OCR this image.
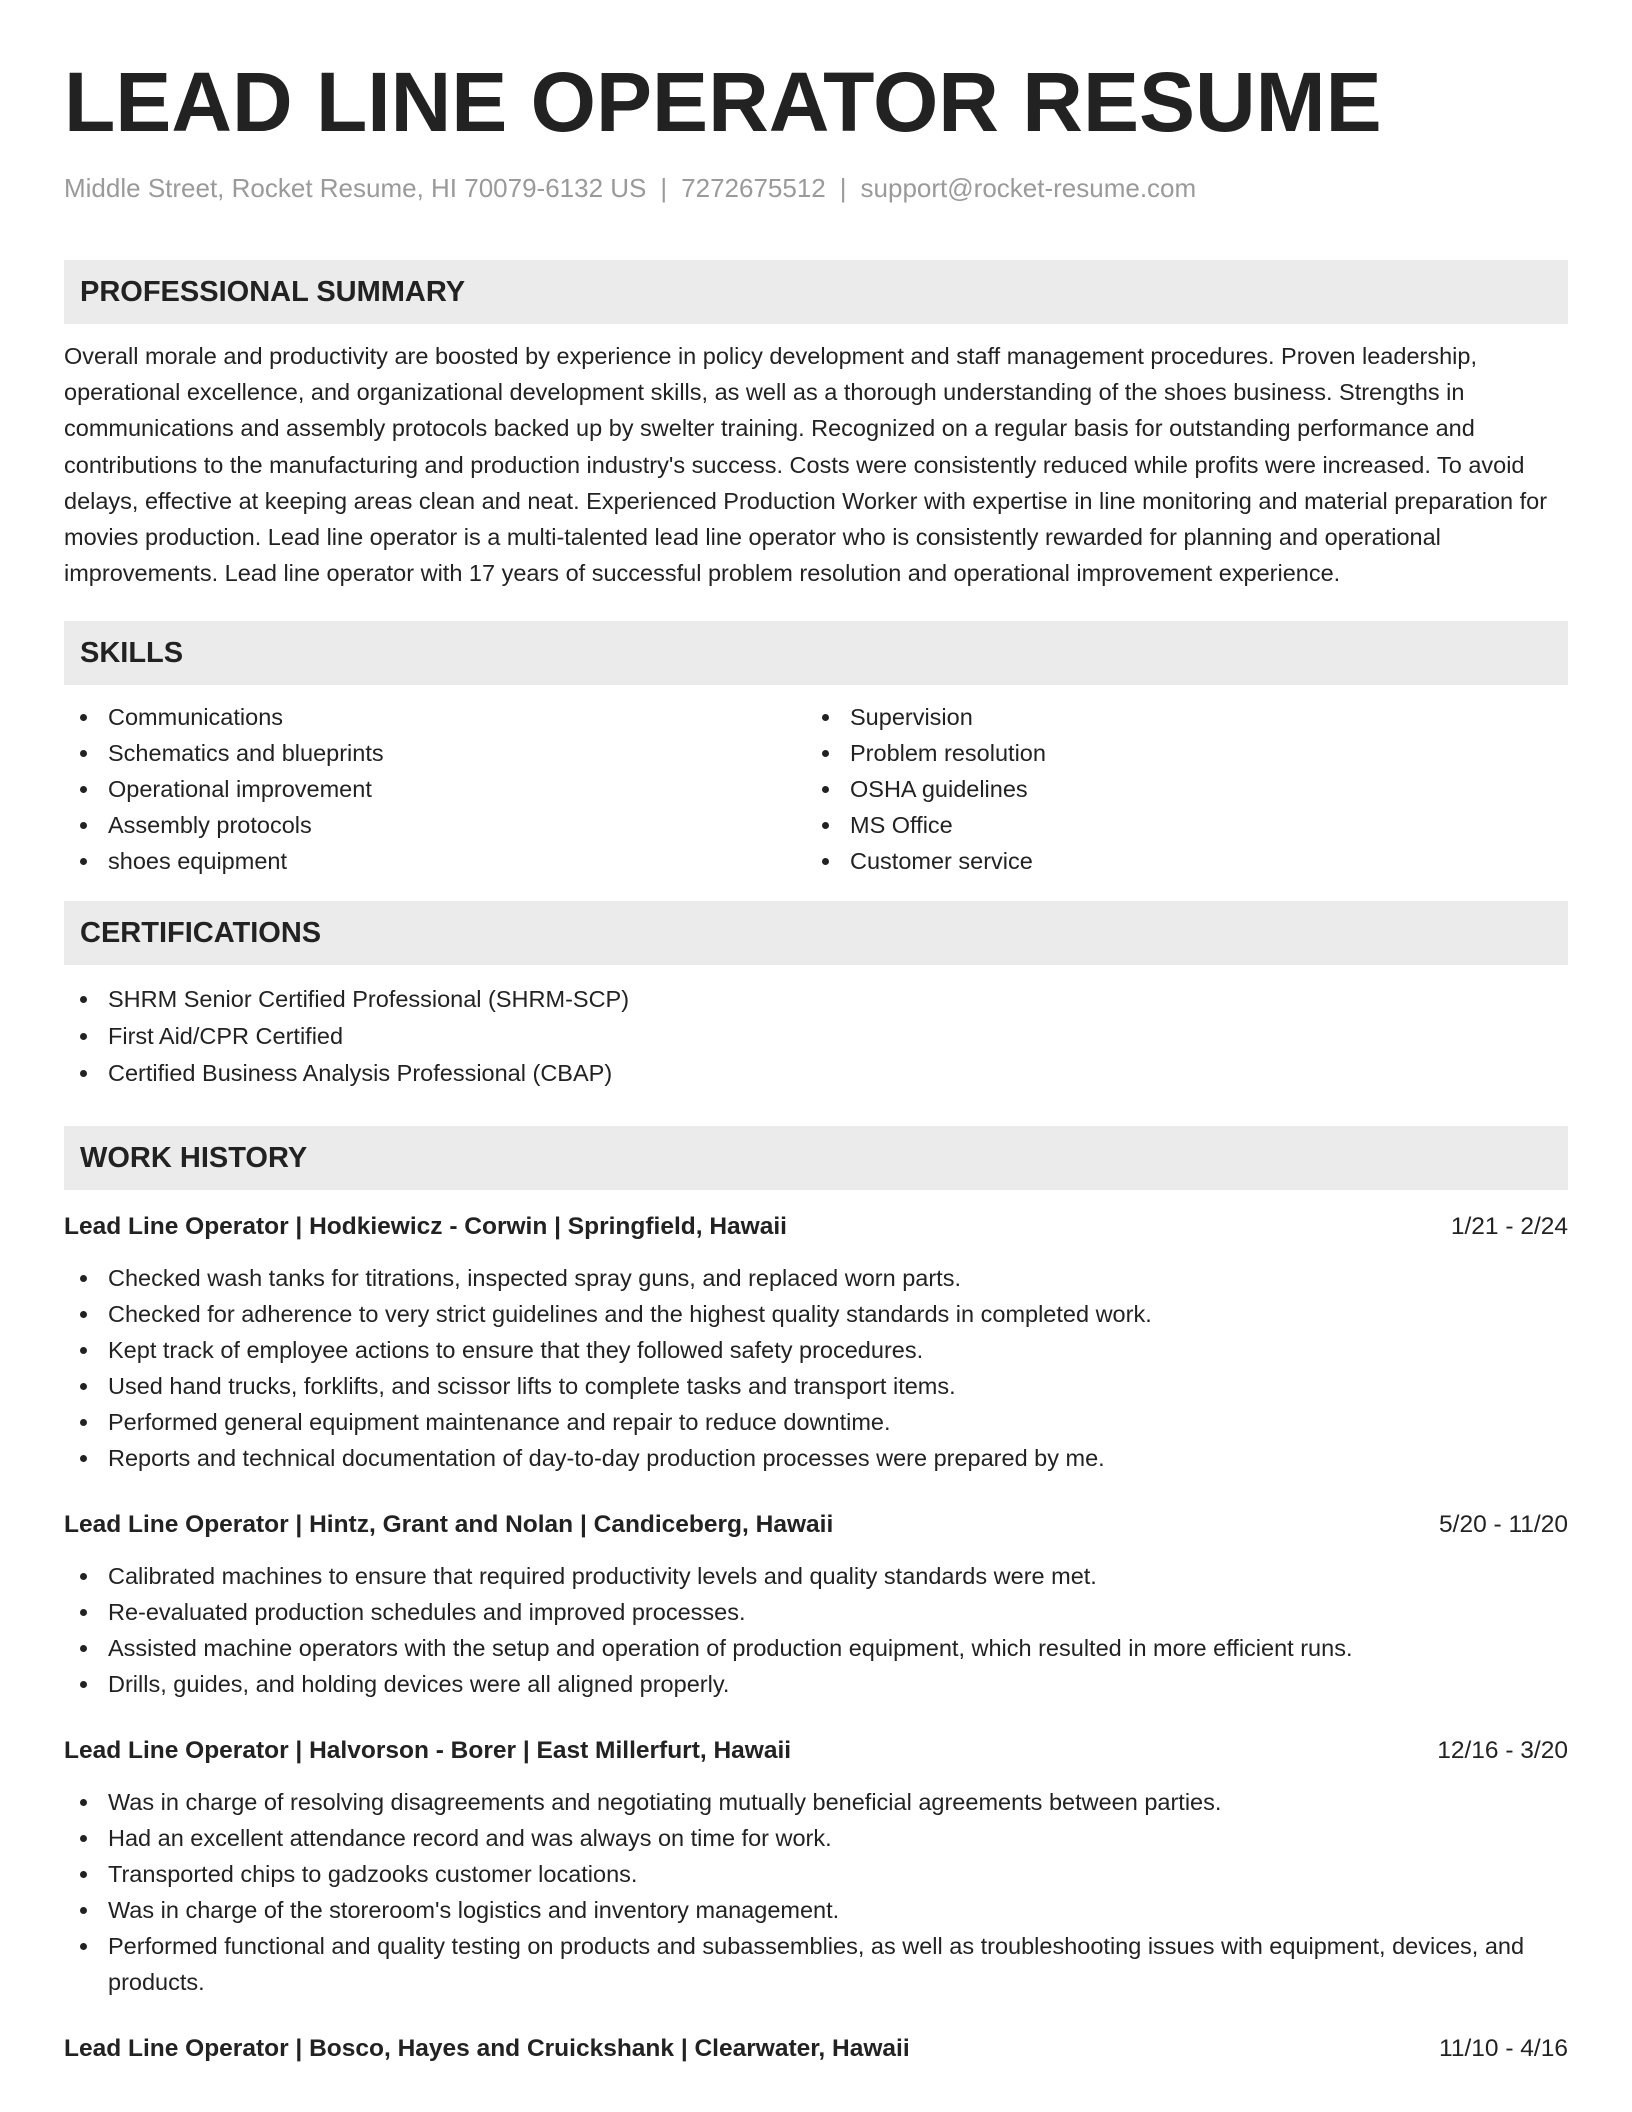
LEAD LINE OPERATOR RESUME
Middle Street, Rocket Resume, HI 70079-6132 US | 7272675512 | support@rocket-resume.com
PROFESSIONAL SUMMARY
Overall morale and productivity are boosted by experience in policy development and staff management procedures. Proven leadership, operational excellence, and organizational development skills, as well as a thorough understanding of the shoes business. Strengths in communications and assembly protocols backed up by swelter training. Recognized on a regular basis for outstanding performance and contributions to the manufacturing and production industry's success. Costs were consistently reduced while profits were increased. To avoid delays, effective at keeping areas clean and neat. Experienced Production Worker with expertise in line monitoring and material preparation for movies production. Lead line operator is a multi-talented lead line operator who is consistently rewarded for planning and operational improvements. Lead line operator with 17 years of successful problem resolution and operational improvement experience.
SKILLS
Communications
Schematics and blueprints
Operational improvement
Assembly protocols
shoes equipment
Supervision
Problem resolution
OSHA guidelines
MS Office
Customer service
CERTIFICATIONS
SHRM Senior Certified Professional (SHRM-SCP)
First Aid/CPR Certified
Certified Business Analysis Professional (CBAP)
WORK HISTORY
Lead Line Operator | Hodkiewicz - Corwin | Springfield, Hawaii	1/21 - 2/24
Checked wash tanks for titrations, inspected spray guns, and replaced worn parts.
Checked for adherence to very strict guidelines and the highest quality standards in completed work.
Kept track of employee actions to ensure that they followed safety procedures.
Used hand trucks, forklifts, and scissor lifts to complete tasks and transport items.
Performed general equipment maintenance and repair to reduce downtime.
Reports and technical documentation of day-to-day production processes were prepared by me.
Lead Line Operator | Hintz, Grant and Nolan | Candiceberg, Hawaii	5/20 - 11/20
Calibrated machines to ensure that required productivity levels and quality standards were met.
Re-evaluated production schedules and improved processes.
Assisted machine operators with the setup and operation of production equipment, which resulted in more efficient runs.
Drills, guides, and holding devices were all aligned properly.
Lead Line Operator | Halvorson - Borer | East Millerfurt, Hawaii	12/16 - 3/20
Was in charge of resolving disagreements and negotiating mutually beneficial agreements between parties.
Had an excellent attendance record and was always on time for work.
Transported chips to gadzooks customer locations.
Was in charge of the storeroom's logistics and inventory management.
Performed functional and quality testing on products and subassemblies, as well as troubleshooting issues with equipment, devices, and products.
Lead Line Operator | Bosco, Hayes and Cruickshank | Clearwater, Hawaii	11/10 - 4/16
